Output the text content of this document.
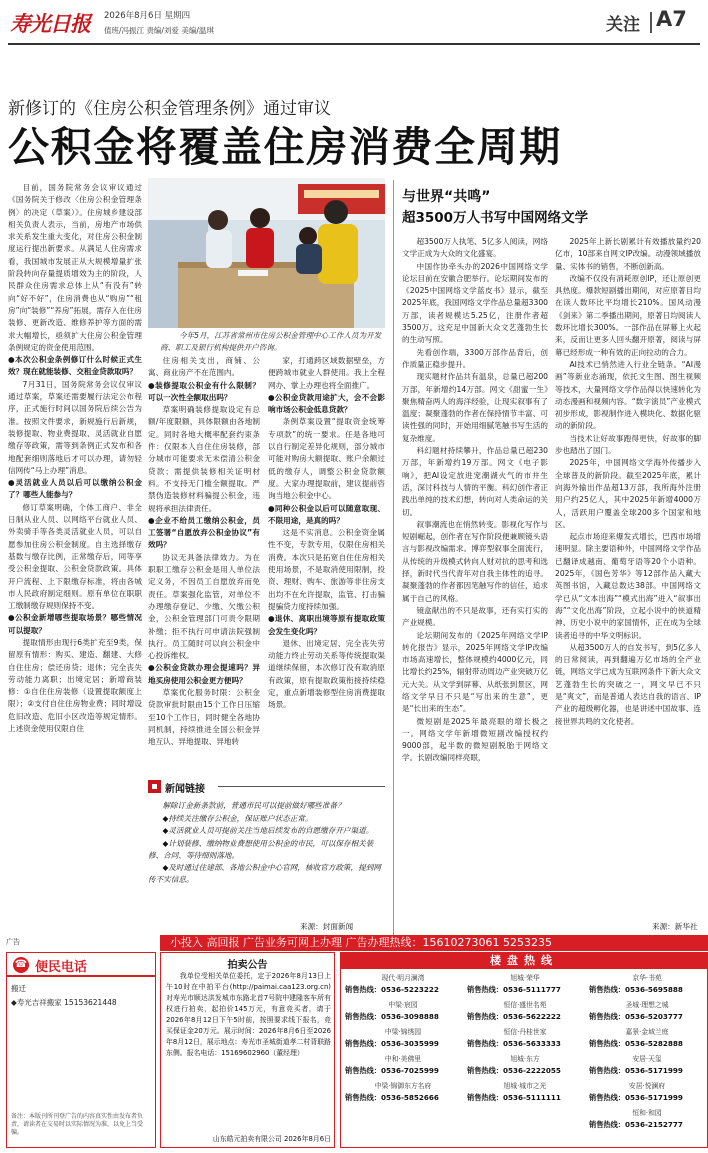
寿光日报 2026年8月6日 星期四
值班/冯振江 责编/刘爱 美编/温琪	关注 A7
新修订的《住房公积金管理条例》通过审议
公积金将覆盖住房消费全周期

目前，国务院常务会议审议通过《国务院关于修改〈住房公积金管理条例〉的决定（草案）》。住房城乡建设部相关负责人表示，当前，房地产市场供求关系发生重大变化，对住房公积金制度运行提出新要求。从满足人住房需求看，我国城市发展正从大规模增量扩张阶段转向存量提质增效为主的阶段，人民群众住房需求总体上从“有没有”转向“好不好”，住房消费也从“购房”“租房”向“装修”“养房”拓展，需存入在住房装修、更新改造、维修养护等方面的需求大幅增长，亟须扩大住房公积金管理条例规定的资金使用范围。

●本次公积金条例修订什么时候正式生效？现在就能装修、交租金贷款取吗？

7月31日，国务院常务会议仅审议通过草案，草案还需要履行法定公布程序，正式施行时间以国务院后续公告为准。按照文件要求，新规施行后新规，装修提取、物业费提取、灵活就业自愿缴存等政策，需等到条例正式发布和各地配套细则落地后才可以办理，请勿轻信网传“马上办理”消息。

●灵活就业人员以后可以缴纳公积金了？哪些人能参与？

修订草案明确，个体工商户、非全日制从业人员、以网络平台就业人员、外卖骑手等各类灵活就业人员，可以自愿参加住房公积金制度。自主选择缴存基数与缴存比例，正常缴存后，同等享受公积金提取、公积金贷款政策。具体开户流程、上下限缴存标准，将由各城市人民政府制定细则。原有单位在职职工缴制缴存规则保持不变。

●公积金新增哪些提取场景？哪些情况可以提取？

提取情形由现行6类扩充至9类，保留原有情形：购买、建造、翻建、大修自住住房；偿还房贷；退休；完全丧失劳动能力离职；出境定居；新增商装修：①自住住房装修（设置提取额度上限）；②支付自住住房物业费；同时增设危旧改造、危旧小区改造等规定情形。上述资金使用仅限自住

今年5月，江苏省常州市住房公积金管理中心工作人员为开发商、职工及银行机构提供开户咨询。

住房相关支出，商铺、公寓、商业房产不在范围内。

●装修提取公积金有什么限制？可以一次性全额取出吗？

草案明确装修提取设定有总额/年度限额，具体限额由各地制定。同时各地大概率配套约束条件：仅限本人自住住房装修，部分城市可能要求无未偿清公积金贷款；需提供装修相关证明材料。不支持无门槛全额提取。严禁伪造装修材料骗提公积金，违规将承担法律责任。

●企业不给员工缴纳公积金，员工签署“自愿放弃公积金协议”有效吗？

协议无具备法律效力。为在职职工缴存公积金是用人单位法定义务，不因员工自愿放弃而免责任。草案强化监管，对单位不办理缴存登记、少缴、欠缴公积金，公积金管理部门可责令限期补缴；拒不执行可申请法院强制执行。员工随时可以向公积金中心投诉维权。

●公积金贷款办理会提速吗？异地买房使用公积金更方便吗？

草案优化服务时限：公积金贷款审批时限由15个工作日压缩至10个工作日，同时健全各地协同机制，持续推进全国公积金异地互认、异地提取、异地转

家，打通跨区域数据壁垒，方便跨城市就业人群使用。我上全程网办、掌上办理也将全面推广。

●公积金贷款用途扩大，会不会影响市场公积金低息贷款？

条例草案设置“提取资金统筹专项款”的统一要求。任是各地可以自行制定差异化规则，部分城市可能对购房大额提取、账户余额过低的缴存人，调整公积金贷款额度。大家办理提取前，建议提前咨询当地公积金中心。

●同种公积金以后可以随意取现、不限用途，是真的吗？

这是不实消息。公积金资金属性不变，专款专用，仅限住房相关消费。本次只是拓宽自住住房相关使用场景，不是取消使用限制，投资、理财、购车、旅游等非住房支出均不在允许提取，监管、打击骗提骗贷力度持续加强。

●退休、离职出境等原有提取政策会发生变化吗？

退休、出境定居、完全丧失劳动能力终止劳动关系等传统提取渠道继续保留，本次修订没有取消原有政策，原有提取政策衔接持续稳定，重点新增装修型住房消费提取场景。

新闻链接
解除订金新条款前，普通市民可以提前做好哪些准备？
◆持续关注缴存公积金，保证账户状态正常。
◆灵活就业人员可提前关注当地后续发布的自愿缴存开户渠道。
◆计划装修、缴纳物业费想使用公积金的市民，可以保存相关装修、合同、等待细则落地。
◆及时通过住建部、各地公积金中心官网，核收官方政策，提到网传不实信息。
来源：封面新闻
与世界“共鸣”
超3500万人书写中国网络文学

超3500万人执笔、5亿多人阅读，网络文学正成为大众的文化盛宴。

中国作协牵头办的2026中国网络文学论坛目前在安徽合肥举行。论坛期间发布的《2025中国网络文学蓝皮书》显示，截至2025年底，我国网络文学作品总量超3300万部，读者规模达5.25亿，注册作者超3500万。这充足中国新大众文艺蓬勃生长的生动写照。

先看创作端，3300万部作品背后，创作质量正稳步提升。

现实题材作品共有温泉，总量已超200万部，年新增约14万部。网文《甜蜜一生》聚焦精奋两人的海洋经验，让现实叙事有了温度；凝聚蓬勃的作者在保持情节丰富、可读性强的同时，开始用细腻笔触书写生活的复杂维度。

科幻题材持续攀升，作品总量已超230万部，年新增约19万部。网文《电子影响》，把AI设定放进宠潮湖火气的市井生活，深讨科技与人情的平衡。科幻创作者正践出单纯的技术幻想，转向对人类命运的关切。

叙事潮流也在悄然转变。影视化写作与短剧崛起，创作者在写作阶段便兼顾镜头语言与影视改编需求。博弈型叙事全面流行，从传统的升级模式转向人财对抗的思考和选择，新时代当代青年对自我主体性的追寻。凝聚蓬勃的作者都因笔触写作的信任，追求属于自己的风格。

镜盒献出的不只是故事，还有实打实的产业规模。

论坛期间发布的《2025年网络文学IP转化报告》显示，2025年网络文学IP改编市场高速增长，整体规模约4000亿元，同比增长约25%，辐射带动周边产业突破万亿元大关。从文学到屏幕、从纸张到景区，网络文学早日不只是“写出来的生意”，更是“长出来的生态”。

微短剧是2025年最亮眼的增长极之一。网络文学年新增微短剧改编授权约9000部，起半数的微短剧脱胎于网络文学。长剧改编同样亮眼，

2025年上新长剧累计有效播放量约20亿市，10部来自网文IP改编。动漫领域播放量、实体书的销售，不断创新高。

改编不仅没有消耗原创IP，还让原创更具热度。爆款短剧播出期间，对应原著目均在读人数环比平均增长210%。国风动漫《剑来》第二季播出期间，原著日均阅读人数环比增长300%。一部作品在屏幕上火起来，反而让更多人回头翻开原著，阅读与屏幕已经形成一种有效的正向拉动的合力。

AI技术已悄然进入行业全链条。“AI漫画”等新业态涌现，依托文生图、图生视频等技术，大量网络文学作品得以快速转化为动态漫画和视频内容。“数字演员”产业模式初步形成，影视制作进入模块化、数据化驱动的新阶段。

当技术让好故事跑得更快，好故事的脚步也踏出了国门。

2025年，中国网络文学海外传播步入全球普及的新阶段。截至2025年底，累计向海外输出作品超13万部，我所海外注册用户约25亿人，其中2025年新增4000万人，活跃用户覆盖全球200多个国家和地区。

起点市场迎来爆发式增长，巴西市场增速明显。除主要语种外，中国网络文学作品已翻译成越南、葡萄牙语等20个小语种。2025年，《国色芳华》等12部作品入藏大英图书馆，入藏总数达38部。中国网络文学已从“文本出海”“模式出海”进入“叙事出海”“文化出海”阶段，立起小说中的侠道精神、历史小说中的家国情怀，正在成为全球读者追寻的中华文明标识。

从超3500万人的自发书写，到5亿多人的日常阅读，再到翻遍万亿市场的全产业链，网络文学已成为互联网条件下新大众文艺蓬勃生长的突破之一，网文早已不只是“爽文”，而是普通人表达自我的语言、IP产业的超级孵化器，也是讲述中国故事、连接世界共鸣的文化使者。

来源：新华社
广告	小投入 高回报 广告业务可网上办理 广告办理热线：15610273061 5253235
☎ 便民电话
搬迁
◆寿光吉祥搬家 15153621448
备注：本版刊所刊登广告的内容真实性由发布者负责，请读者在交易时以实际情况为准，以免上当受骗。
拍卖公告
我单位受相关单位委托，定于2026年8月13日上午10时在中拍平台(http://paimai.caa123.org.cn)对寿光市顺达洪发城市东路北首7号院中建隆客车所有权进行拍卖，起拍价145万元，有意竞买者，请于2026年8月12日下午5时前，按照要求线下报名，竞买保证金20万元。展示时间：2026年8月6日至2026年8月12日，展示地点：寿光市圣城街道孝二村背联路东侧。报名电话：15169602960（董经理）
山东皓元拍卖有限公司 2026年8月6日
楼盘热线
现代·明月澜湾
销售热线：0536-5223222
中梁·宸园
销售热线：0536-3098888
中梁·锦绣园
销售热线：0536-3035999
中和·美佛里
销售热线：0536-7025999
中梁·锦御东方名府
销售热线：0536-5852666
旭城·荣华
销售热线：0536-5111777
恒信·盛世名苑
销售热线：0536-5622222
恒信·丹桂世家
销售热线：0536-5633333
旭城·东方
销售热线：0536-2222055
旭城·城市之光
销售热线：0536-5111111
京华·书苑
销售热线：0536-5695888
圣城·理想之城
销售热线：0536-5203777
嘉景·金域兰庭
销售热线：0536-5282888
安居·天玺
销售热线：0536-5171999
安居·悦澜府
销售热线：0536-5171999
恒和·和园
销售热线：0536-2152777
